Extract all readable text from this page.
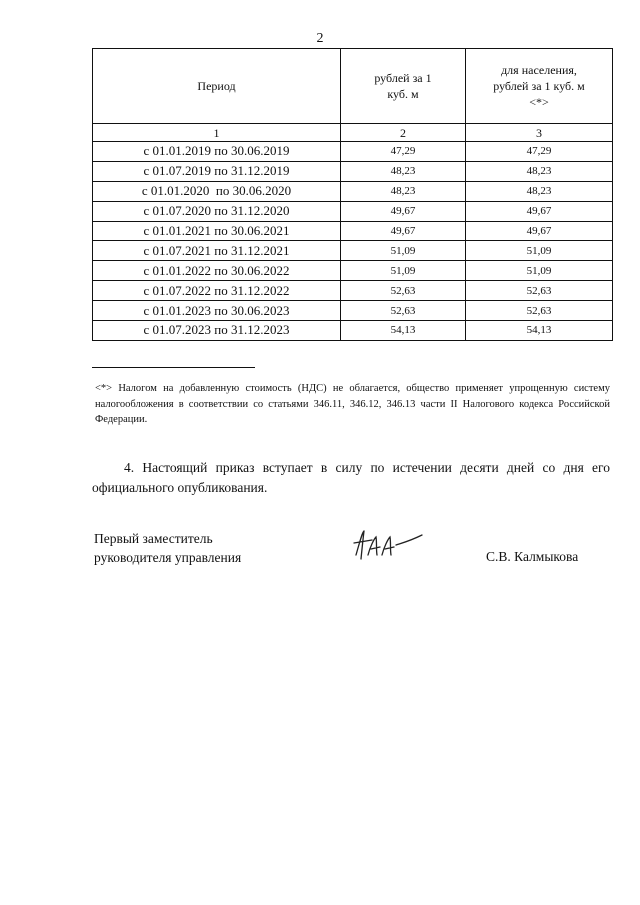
2
Период	рублей за 1 куб. м	для населения, рублей за 1 куб. м <*>

1	2	3
с 01.01.2019 по 30.06.2019	47,29	47,29
с 01.07.2019 по 31.12.2019	48,23	48,23
с 01.01.2020  по 30.06.2020	48,23	48,23
с 01.07.2020 по 31.12.2020	49,67	49,67
с 01.01.2021 по 30.06.2021	49,67	49,67
с 01.07.2021 по 31.12.2021	51,09	51,09
с 01.01.2022 по 30.06.2022	51,09	51,09
с 01.07.2022 по 31.12.2022	52,63	52,63
с 01.01.2023 по 30.06.2023	52,63	52,63
с 01.07.2023 по 31.12.2023	54,13	54,13
<*> Налогом на добавленную стоимость (НДС) не облагается, общество применяет упрощенную систему налогообложения в соответствии со статьями 346.11, 346.12, 346.13 части II Налогового кодекса Российской Федерации.
4. Настоящий приказ вступает в силу по истечении десяти дней со дня его официального опубликования.
Первый заместитель
руководителя управления	С.В. Калмыкова
